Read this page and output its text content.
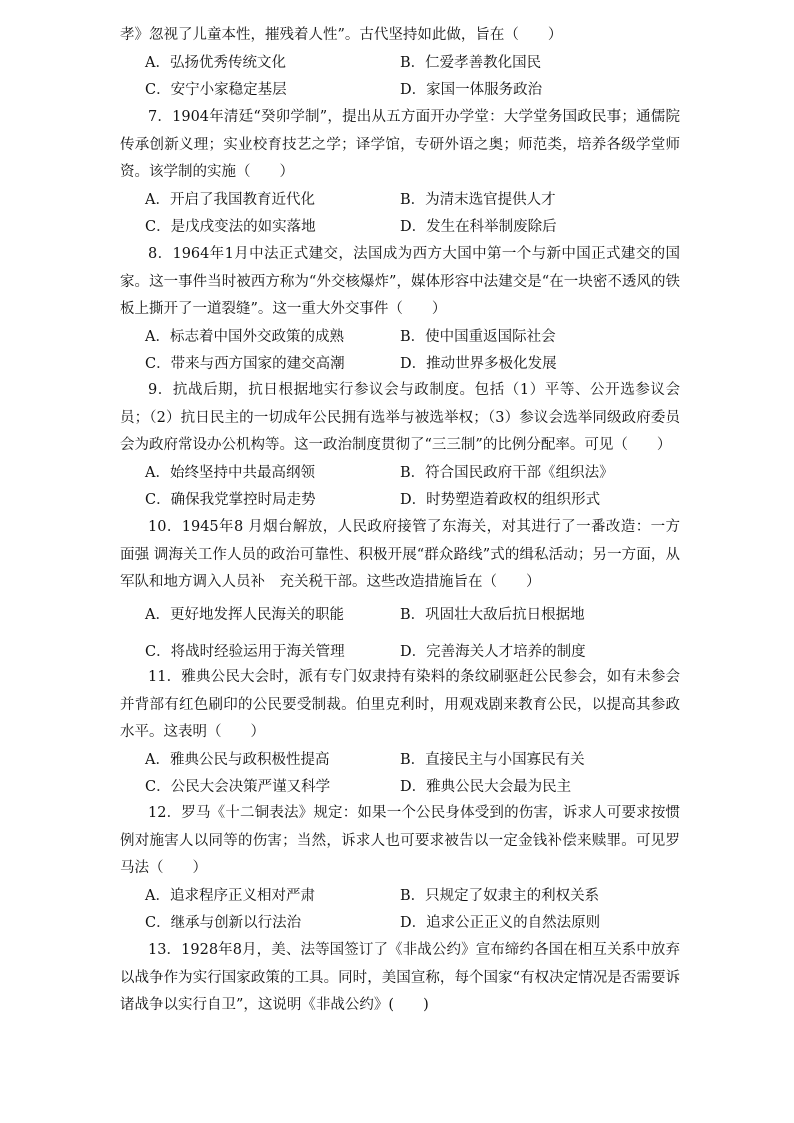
孝》忽视了儿童本性，摧残着人性”。古代坚持如此做，旨在（　　）

A．弘扬优秀传统文化	B．仁爱孝善教化国民
C．安宁小家稳定基层	D．家国一体服务政治

7．1904年清廷“癸卯学制”，提出从五方面开办学堂：大学堂务国政民事；通儒院传承创新义理；实业校育技艺之学；译学馆，专研外语之奥；师范类，培养各级学堂师资。该学制的实施（　　）

A．开启了我国教育近代化	B．为清末选官提供人才
C．是戊戌变法的如实落地	D．发生在科举制废除后

8．1964年1月中法正式建交，法国成为西方大国中第一个与新中国正式建交的国家。这一事件当时被西方称为“外交核爆炸”，媒体形容中法建交是“在一块密不透风的铁板上撕开了一道裂缝”。这一重大外交事件（　　）

A．标志着中国外交政策的成熟	B．使中国重返国际社会
C．带来与西方国家的建交高潮	D．推动世界多极化发展

9．抗战后期，抗日根据地实行参议会与政制度。包括（1）平等、公开选参议会员；（2）抗日民主的一切成年公民拥有选举与被选举权；（3）参议会选举同级政府委员会为政府常设办公机构等。这一政治制度贯彻了“三三制”的比例分配率。可见（　　）

A．始终坚持中共最高纲领	B．符合国民政府干部《组织法》
C．确保我党掌控时局走势	D．时势塑造着政权的组织形式

10．1945年8 月烟台解放，人民政府接管了东海关，对其进行了一番改造：一方面强 调海关工作人员的政治可靠性、积极开展“群众路线”式的缉私活动；另一方面，从军队和地方调入人员补　充关税干部。这些改造措施旨在（　　）

A．更好地发挥人民海关的职能	B．巩固壮大敌后抗日根据地
C．将战时经验运用于海关管理	D．完善海关人才培养的制度

11．雅典公民大会时，派有专门奴隶持有染料的条纹刷驱赶公民参会，如有未参会并背部有红色刷印的公民要受制裁。伯里克利时，用观戏剧来教育公民，以提高其参政水平。这表明（　　）

A．雅典公民与政积极性提高	B．直接民主与小国寡民有关
C．公民大会决策严谨又科学	D．雅典公民大会最为民主

12．罗马《十二铜表法》规定：如果一个公民身体受到的伤害，诉求人可要求按惯例对施害人以同等的伤害；当然，诉求人也可要求被告以一定金钱补偿来赎罪。可见罗马法（　　）

A．追求程序正义相对严肃	B．只规定了奴隶主的利权关系
C．继承与创新以行法治	D．追求公正正义的自然法原则

13．1928年8月，美、法等国签订了《非战公约》宣布缔约各国在相互关系中放弃以战争作为实行国家政策的工具。同时，美国宣称，每个国家“有权决定情况是否需要诉诸战争以实行自卫”，这说明《非战公约》(　　)
